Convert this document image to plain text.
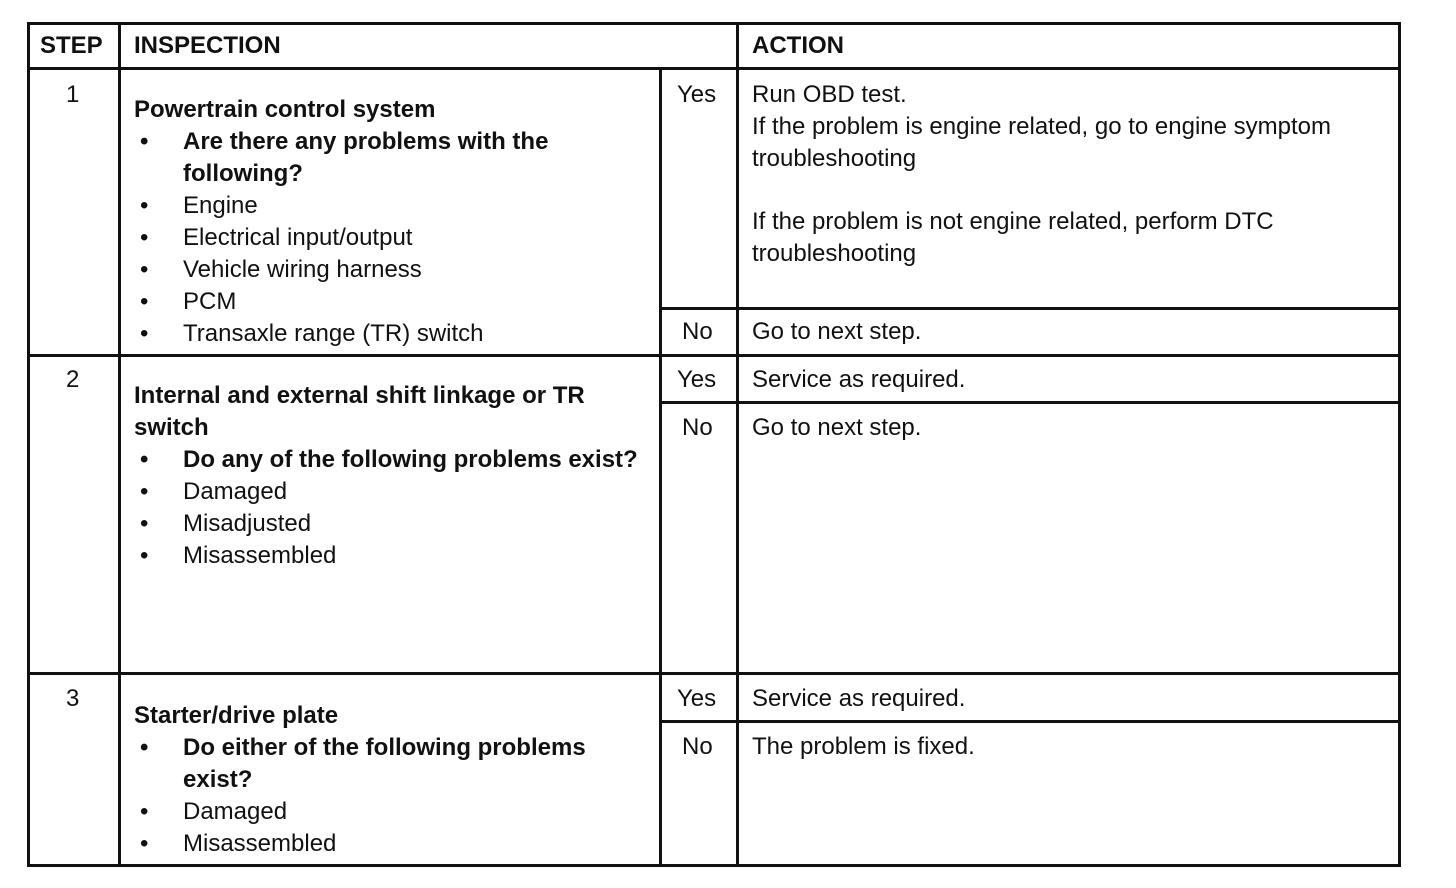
STEP INSPECTION	ACTION
1
Powertrain control system
• Are there any problems with the following?
• Engine
• Electrical input/output
• Vehicle wiring harness
• PCM
• Transaxle range (TR) switch
Yes
No
Run OBD test.
If the problem is engine related, go to engine symptom
troubleshooting
If the problem is not engine related, perform DTC
troubleshooting
Go to next step.
2
Internal and external shift linkage or TR
switch
• Do any of the following problems exist?
• Damaged
• Misadjusted
• Misassembled
Yes
No
Service as required.
Go to next step.
3
Starter/drive plate
• Do either of the following problems exist?
• Damaged
• Misassembled
Yes
No
Service as required.
The problem is fixed.
